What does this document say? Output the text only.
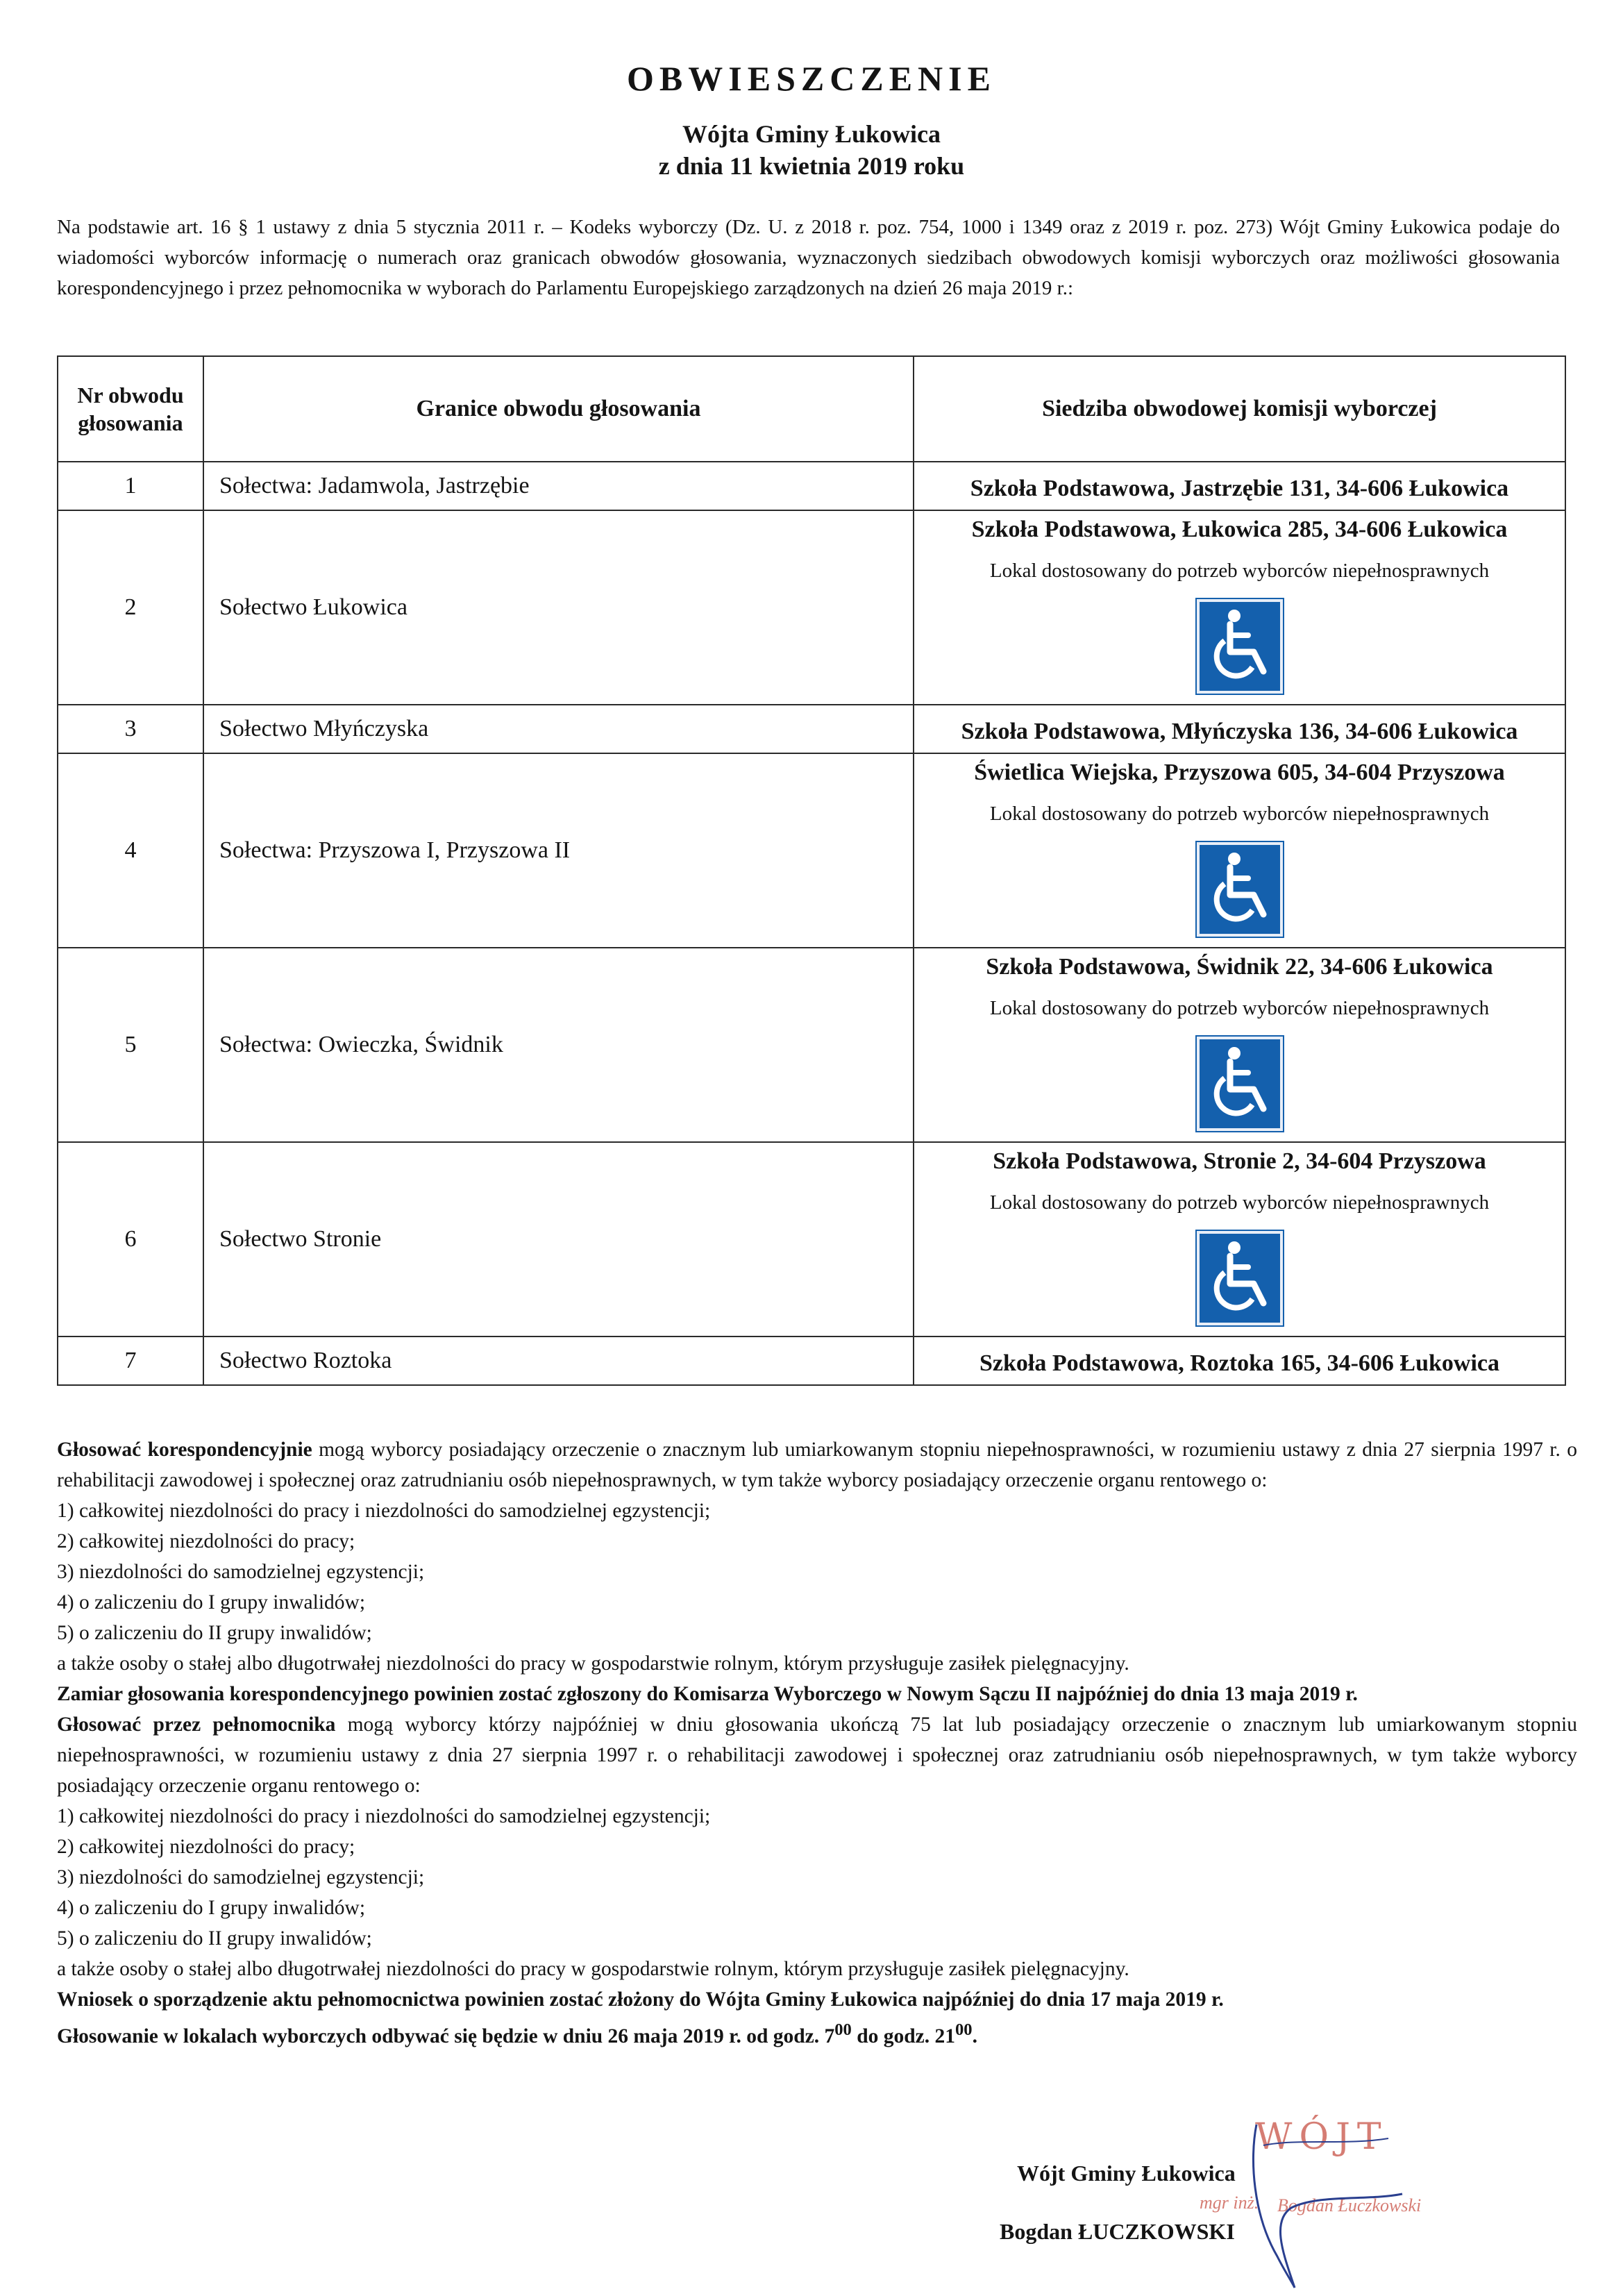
OBWIESZCZENIE
Wójta Gminy Łukowica
z dnia 11 kwietnia 2019 roku

Na podstawie art. 16 § 1 ustawy z dnia 5 stycznia 2011 r. – Kodeks wyborczy (Dz. U. z 2018 r. poz. 754, 1000 i 1349 oraz z 2019 r. poz. 273) Wójt Gminy Łukowica podaje do wiadomości wyborców informację o numerach oraz granicach obwodów głosowania, wyznaczonych siedzibach obwodowych komisji wyborczych oraz możliwości głosowania korespondencyjnego i przez pełnomocnika w wyborach do Parlamentu Europejskiego zarządzonych na dzień 26 maja 2019 r.:

Nr obwodu głosowania	Granice obwodu głosowania	Siedziba obwodowej komisji wyborczej
1	Sołectwa: Jadamwola, Jastrzębie	Szkoła Podstawowa, Jastrzębie 131, 34-606 Łukowica

2	Sołectwo Łukowica	Szkoła Podstawowa, Łukowica 285, 34-606 Łukowica
Lokal dostosowany do potrzeb wyborców niepełnosprawnych

3	Sołectwo Młyńczyska	Szkoła Podstawowa, Młyńczyska 136, 34-606 Łukowica

4	Sołectwa: Przyszowa I, Przyszowa II	Świetlica Wiejska, Przyszowa 605, 34-604 Przyszowa
Lokal dostosowany do potrzeb wyborców niepełnosprawnych

5	Sołectwa: Owieczka, Świdnik	Szkoła Podstawowa, Świdnik 22, 34-606 Łukowica
Lokal dostosowany do potrzeb wyborców niepełnosprawnych

6	Sołectwo Stronie	Szkoła Podstawowa, Stronie 2, 34-604 Przyszowa
Lokal dostosowany do potrzeb wyborców niepełnosprawnych

7	Sołectwo Roztoka	Szkoła Podstawowa, Roztoka 165, 34-606 Łukowica

Głosować korespondencyjnie mogą wyborcy posiadający orzeczenie o znacznym lub umiarkowanym stopniu niepełnosprawności, w rozumieniu ustawy z dnia 27 sierpnia 1997 r. o rehabilitacji zawodowej i społecznej oraz zatrudnianiu osób niepełnosprawnych, w tym także wyborcy posiadający orzeczenie organu rentowego o:

1) całkowitej niezdolności do pracy i niezdolności do samodzielnej egzystencji;

2) całkowitej niezdolności do pracy;

3) niezdolności do samodzielnej egzystencji;

4) o zaliczeniu do I grupy inwalidów;

5) o zaliczeniu do II grupy inwalidów;

a także osoby o stałej albo długotrwałej niezdolności do pracy w gospodarstwie rolnym, którym przysługuje zasiłek pielęgnacyjny.

Zamiar głosowania korespondencyjnego powinien zostać zgłoszony do Komisarza Wyborczego w Nowym Sączu II najpóźniej do dnia 13 maja 2019 r.

Głosować przez pełnomocnika mogą wyborcy którzy najpóźniej w dniu głosowania ukończą 75 lat lub posiadający orzeczenie o znacznym lub umiarkowanym stopniu niepełnosprawności, w rozumieniu ustawy z dnia 27 sierpnia 1997 r. o rehabilitacji zawodowej i społecznej oraz zatrudnianiu osób niepełnosprawnych, w tym także wyborcy posiadający orzeczenie organu rentowego o:

1) całkowitej niezdolności do pracy i niezdolności do samodzielnej egzystencji;

2) całkowitej niezdolności do pracy;

3) niezdolności do samodzielnej egzystencji;

4) o zaliczeniu do I grupy inwalidów;

5) o zaliczeniu do II grupy inwalidów;

a także osoby o stałej albo długotrwałej niezdolności do pracy w gospodarstwie rolnym, którym przysługuje zasiłek pielęgnacyjny.

Wniosek o sporządzenie aktu pełnomocnictwa powinien zostać złożony do Wójta Gminy Łukowica najpóźniej do dnia 17 maja 2019 r.

Głosowanie w lokalach wyborczych odbywać się będzie w dniu 26 maja 2019 r. od godz. $7^{00}$ do godz. $21^{00}$.

WÓJT
mgr inż. Bogdan Łuczkowski
Wójt Gminy Łukowica
Bogdan ŁUCZKOWSKI
